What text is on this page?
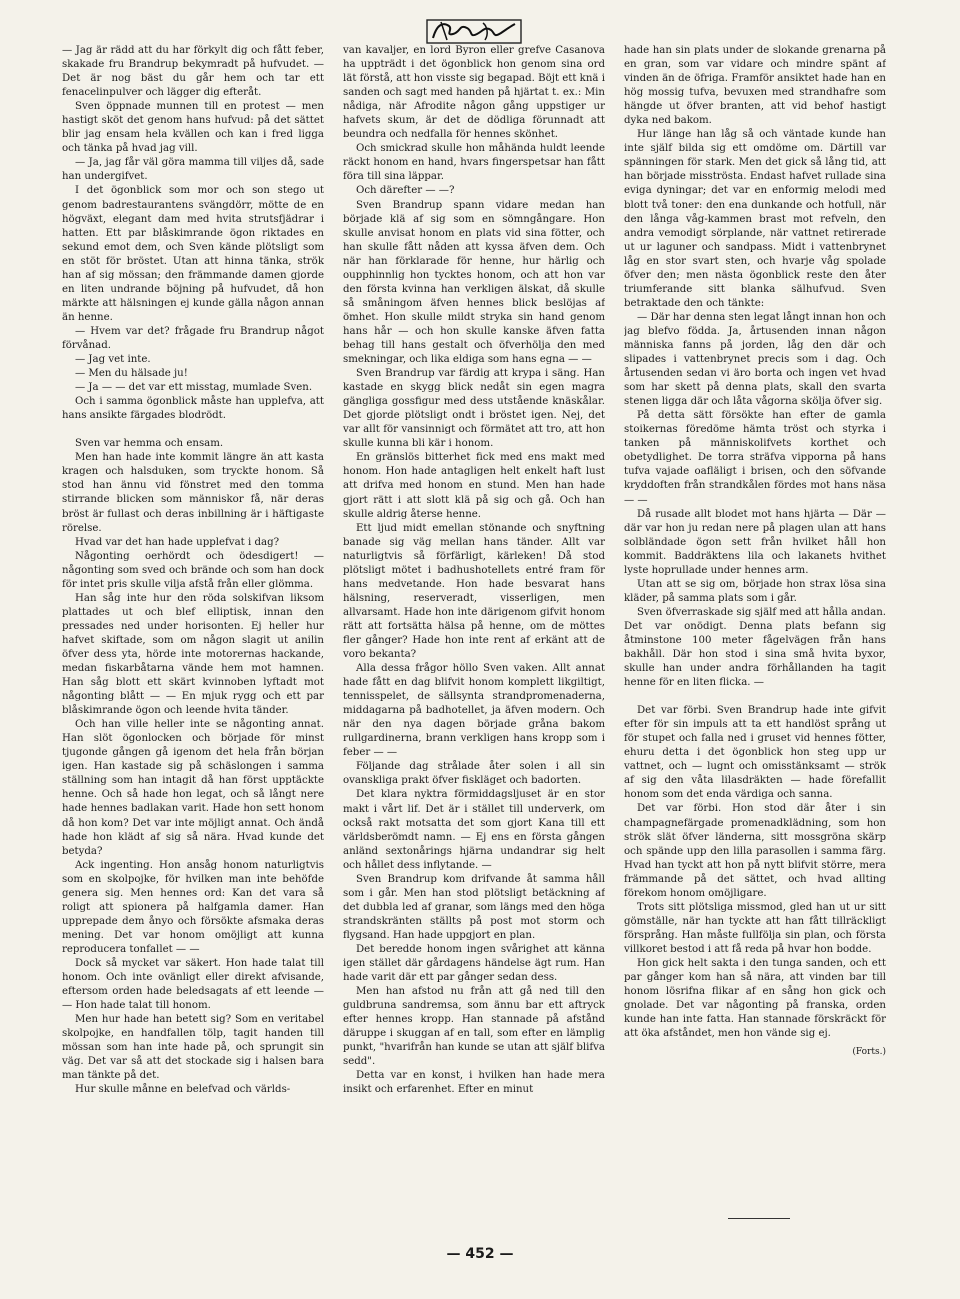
— Jag är rädd att du har förkylt dig och fått feber, skakade fru Brandrup bekymradt på hufvudet. — Det är nog bäst du går hem och tar ett fenacelinpulver och lägger dig efteråt.

Sven öppnade munnen till en protest — men hastigt sköt det genom hans hufvud: på det sättet blir jag ensam hela kvällen och kan i fred ligga och tänka på hvad jag vill.

— Ja, jag får väl göra mamma till viljes då, sade han undergifvet.

I det ögonblick som mor och son stego ut genom badrestaurantens svängdörr, mötte de en högväxt, elegant dam med hvita strutsfjädrar i hatten. Ett par blåskimrande ögon riktades en sekund emot dem, och Sven kände plötsligt som en stöt för bröstet. Utan att hinna tänka, strök han af sig mössan; den främmande damen gjorde en liten undrande böjning på hufvudet, då hon märkte att hälsningen ej kunde gälla någon annan än henne.

— Hvem var det? frågade fru Brandrup något förvånad.

— Jag vet inte.

— Men du hälsade ju!

— Ja — — det var ett misstag, mumlade Sven.

Och i samma ögonblick måste han upplefva, att hans ansikte färgades blodrödt.

Sven var hemma och ensam.

Men han hade inte kommit längre än att kasta kragen och halsduken, som tryckte honom. Så stod han ännu vid fönstret med den tomma stirrande blicken som människor få, när deras bröst är fullast och deras inbillning är i häftigaste rörelse.

Hvad var det han hade upplefvat i dag?

Någonting oerhördt och ödesdigert! — någonting som sved och brände och som han dock för intet pris skulle vilja afstå från eller glömma.

Han såg inte hur den röda solskifvan liksom plattades ut och blef elliptisk, innan den pressades ned under horisonten. Ej heller hur hafvet skiftade, som om någon slagit ut anilin öfver dess yta, hörde inte motorernas hackande, medan fiskarbåtarna vände hem mot hamnen. Han såg blott ett skärt kvinnoben lyftadt mot någonting blått — — En mjuk rygg och ett par blåskimrande ögon och leende hvita tänder.

Och han ville heller inte se någonting annat. Han slöt ögonlocken och började för minst tjugonde gången gå igenom det hela från början igen. Han kastade sig på schäslongen i samma ställning som han intagit då han först upptäckte henne. Och så hade hon legat, och så långt nere hade hennes badlakan varit. Hade hon sett honom då hon kom? Det var inte möjligt annat. Och ändå hade hon klädt af sig så nära. Hvad kunde det betyda?

Ack ingenting. Hon ansåg honom naturligtvis som en skolpojke, för hvilken man inte behöfde genera sig. Men hennes ord: Kan det vara så roligt att spionera på halfgamla damer. Han upprepade dem ånyo och försökte afsmaka deras mening. Det var honom omöjligt att kunna reproducera tonfallet — —

Dock så mycket var säkert. Hon hade talat till honom. Och inte ovänligt eller direkt afvisande, eftersom orden hade beledsagats af ett leende — — Hon hade talat till honom.

Men hur hade han betett sig? Som en veritabel skolpojke, en handfallen tölp, tagit handen till mössan som han inte hade på, och sprungit sin väg. Det var så att det stockade sig i halsen bara man tänkte på det.

Hur skulle månne en belefvad och världs-

van kavaljer, en lord Byron eller grefve Casanova ha uppträdt i det ögonblick hon genom sina ord lät förstå, att hon visste sig begapad. Böjt ett knä i sanden och sagt med handen på hjärtat t. ex.: Min nådiga, när Afrodite någon gång uppstiger ur hafvets skum, är det de dödliga förunnadt att beundra och nedfalla för hennes skönhet.

Och smickrad skulle hon måhända huldt leende räckt honom en hand, hvars fingerspetsar han fått föra till sina läppar.

Och därefter — —?

Sven Brandrup spann vidare medan han började klä af sig som en sömngångare. Hon skulle anvisat honom en plats vid sina fötter, och han skulle fått nåden att kyssa äfven dem. Och när han förklarade för henne, hur härlig och oupphinnlig hon tycktes honom, och att hon var den första kvinna han verkligen älskat, då skulle så småningom äfven hennes blick beslöjas af ömhet. Hon skulle mildt stryka sin hand genom hans hår — och hon skulle kanske äfven fatta behag till hans gestalt och öfverhölja den med smekningar, och lika eldiga som hans egna — —

Sven Brandrup var färdig att krypa i säng. Han kastade en skygg blick nedåt sin egen magra gängliga gossfigur med dess utstående knäskålar. Det gjorde plötsligt ondt i bröstet igen. Nej, det var allt för vansinnigt och förmätet att tro, att hon skulle kunna bli kär i honom.

En gränslös bitterhet fick med ens makt med honom. Hon hade antagligen helt enkelt haft lust att drifva med honom en stund. Men han hade gjort rätt i att slott klä på sig och gå. Och han skulle aldrig återse henne.

Ett ljud midt emellan stönande och snyftning banade sig väg mellan hans tänder. Allt var naturligtvis så förfärligt, kärleken! Då stod plötsligt mötet i badhushotellets entré fram för hans medvetande. Hon hade besvarat hans hälsning, reserveradt, visserligen, men allvarsamt. Hade hon inte därigenom gifvit honom rätt att fortsätta hälsa på henne, om de möttes fler gånger? Hade hon inte rent af erkänt att de voro bekanta?

Alla dessa frågor höllo Sven vaken. Allt annat hade fått en dag blifvit honom komplett likgiltigt, tennisspelet, de sällsynta strandpromenaderna, middagarna på badhotellet, ja äfven modern. Och när den nya dagen började gråna bakom rullgardinerna, brann verkligen hans kropp som i feber — —

Följande dag strålade åter solen i all sin ovanskliga prakt öfver fiskläget och badorten.

Det klara nyktra förmiddagsljuset är en stor makt i vårt lif. Det är i stället till underverk, om också rakt motsatta det som gjort Kana till ett världsberömdt namn. — Ej ens en första gången anländ sextonårings hjärna undandrar sig helt och hållet dess inflytande. —

Sven Brandrup kom drifvande åt samma håll som i går. Men han stod plötsligt betäckning af det dubbla led af granar, som längs med den höga strandskränten ställts på post mot storm och flygsand. Han hade uppgjort en plan.

Det beredde honom ingen svårighet att känna igen stället där gårdagens händelse ägt rum. Han hade varit där ett par gånger sedan dess.

Men han afstod nu från att gå ned till den guldbruna sandremsa, som ännu bar ett aftryck efter hennes kropp. Han stannade på afstånd däruppe i skuggan af en tall, som efter en lämplig punkt, "hvarifrån han kunde se utan att själf blifva sedd".

Detta var en konst, i hvilken han hade mera insikt och erfarenhet. Efter en minut

hade han sin plats under de slokande grenarna på en gran, som var vidare och mindre spänt af vinden än de öfriga. Framför ansiktet hade han en hög mossig tufva, bevuxen med strandhafre som hängde ut öfver branten, att vid behof hastigt dyka ned bakom.

Hur länge han låg så och väntade kunde han inte själf bilda sig ett omdöme om. Därtill var spänningen för stark. Men det gick så lång tid, att han började misströsta. Endast hafvet rullade sina eviga dyningar; det var en enformig melodi med blott två toner: den ena dunkande och hotfull, när den långa våg-kammen brast mot refveln, den andra vemodigt sörplande, när vattnet retirerade ut ur laguner och sandpass. Midt i vattenbrynet låg en stor svart sten, och hvarje våg spolade öfver den; men nästa ögonblick reste den åter triumferande sitt blanka sälhufvud. Sven betraktade den och tänkte:

— Där har denna sten legat långt innan hon och jag blefvo födda. Ja, årtusenden innan någon människa fanns på jorden, låg den där och slipades i vattenbrynet precis som i dag. Och årtusenden sedan vi äro borta och ingen vet hvad som har skett på denna plats, skall den svarta stenen ligga där och låta vågorna skölja öfver sig.

På detta sätt försökte han efter de gamla stoikernas föredöme hämta tröst och styrka i tanken på människolifvets korthet och obetydlighet. De torra sträfva vipporna på hans tufva vajade oafläligt i brisen, och den söfvande kryddoften från strandkålen fördes mot hans näsa — —

Då rusade allt blodet mot hans hjärta — Där — där var hon ju redan nere på plagen ulan att hans solbländade ögon sett från hvilket håll hon kommit. Baddräktens lila och lakanets hvithet lyste hoprullade under hennes arm.

Utan att se sig om, började hon strax lösa sina kläder, på samma plats som i går.

Sven öfverraskade sig själf med att hålla andan. Det var onödigt. Denna plats befann sig åtminstone 100 meter fågelvägen från hans bakhåll. Där hon stod i sina små hvita byxor, skulle han under andra förhållanden ha tagit henne för en liten flicka. —

Det var förbi. Sven Brandrup hade inte gifvit efter för sin impuls att ta ett handlöst språng ut för stupet och falla ned i gruset vid hennes fötter, ehuru detta i det ögonblick hon steg upp ur vattnet, och — lugnt och omisstänksamt — strök af sig den våta lilasdräkten — hade förefallit honom som det enda värdiga och sanna.

Det var förbi. Hon stod där åter i sin champagnefärgade promenadklädning, som hon strök slät öfver länderna, sitt mossgröna skärp och spände upp den lilla parasollen i samma färg. Hvad han tyckt att hon på nytt blifvit större, mera främmande på det sättet, och hvad allting förekom honom omöjligare.

Trots sitt plötsliga missmod, gled han ut ur sitt gömställe, när han tyckte att han fått tillräckligt försprång. Han måste fullfölja sin plan, och första villkoret bestod i att få reda på hvar hon bodde.

Hon gick helt sakta i den tunga sanden, och ett par gånger kom han så nära, att vinden bar till honom lösrifna flikar af en sång hon gick och gnolade. Det var någonting på franska, orden kunde han inte fatta. Han stannade förskräckt för att öka afståndet, men hon vände sig ej.

(Forts.)

— 452 —
